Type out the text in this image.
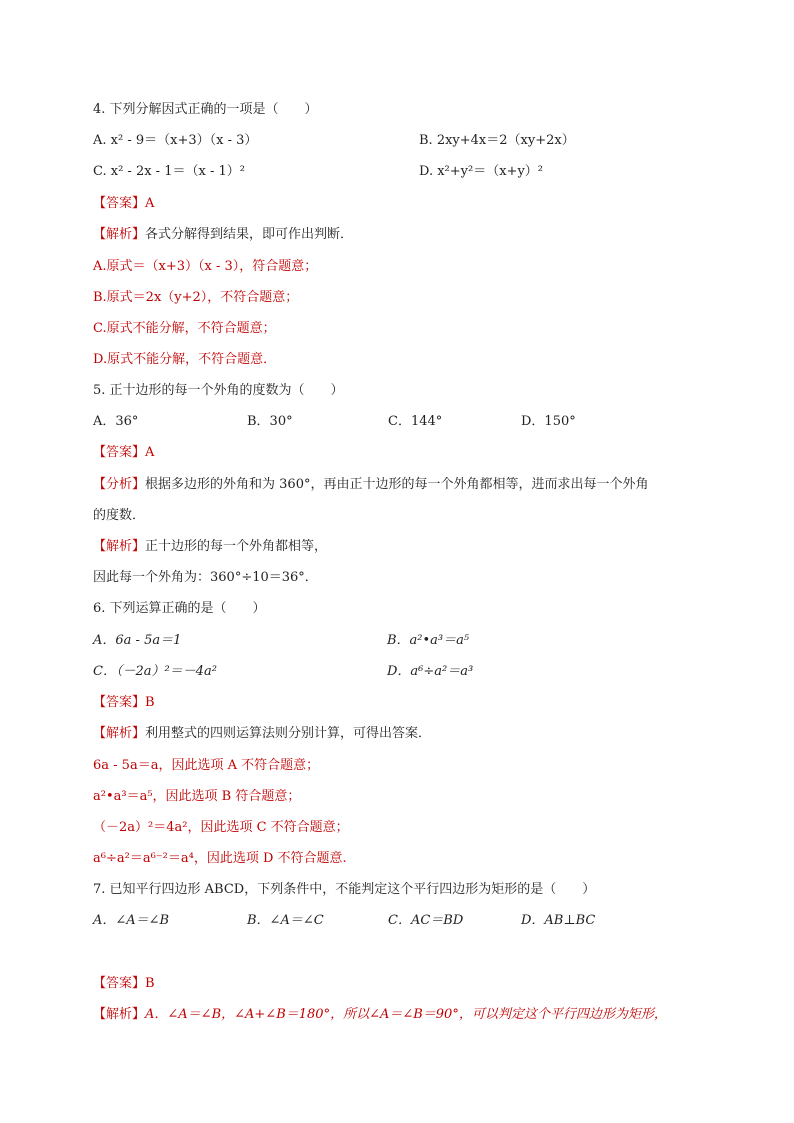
4. 下列分解因式正确的一项是（　　）
A. x² - 9＝（x+3）（x - 3）	B. 2xy+4x＝2（xy+2x）
C. x² - 2x - 1＝（x - 1）²	D. x²+y²＝（x+y）²
【答案】A
【解析】各式分解得到结果，即可作出判断．
A.原式＝（x+3）（x - 3），符合题意；
B.原式＝2x（y+2），不符合题意；
C.原式不能分解，不符合题意；
D.原式不能分解，不符合题意．
5. 正十边形的每一个外角的度数为（　　）
A．36°	B．30°	C．144°	D．150°
【答案】A
【分析】根据多边形的外角和为 360°，再由正十边形的每一个外角都相等，进而求出每一个外角
的度数．
【解析】正十边形的每一个外角都相等，
因此每一个外角为：360°÷10＝36°．
6. 下列运算正确的是（　　）
A．6a - 5a＝1	B．a²•a³＝a⁵
C．（－2a）²＝－4a²	D．a⁶÷a²＝a³
【答案】B
【解析】利用整式的四则运算法则分别计算，可得出答案．
6a - 5a＝a，因此选项 A 不符合题意；
a²•a³＝a⁵，因此选项 B 符合题意；
（－2a）²＝4a²，因此选项 C 不符合题意；
a⁶÷a²＝a⁶⁻²＝a⁴，因此选项 D 不符合题意.
7. 已知平行四边形 ABCD，下列条件中，不能判定这个平行四边形为矩形的是（　　）
A．∠A＝∠B	B．∠A＝∠C	C．AC＝BD	D．AB⊥BC
【答案】B
【解析】A．∠A＝∠B，∠A+∠B＝180°，所以∠A＝∠B＝90°，可以判定这个平行四边形为矩形，
